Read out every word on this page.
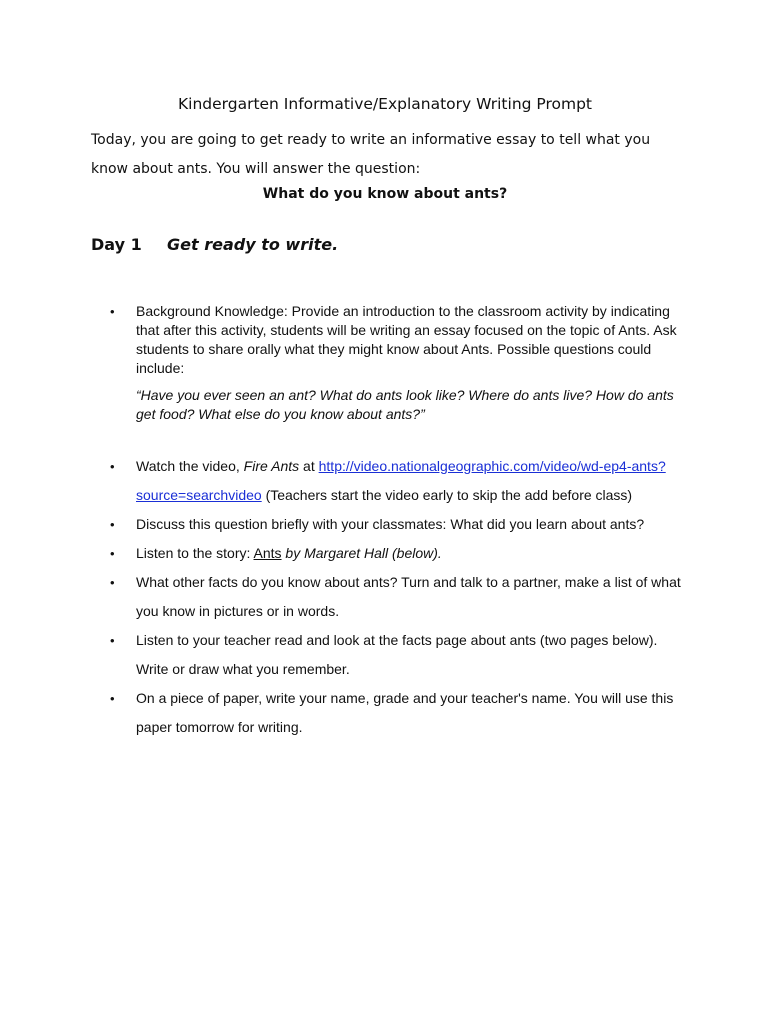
Kindergarten Informative/Explanatory Writing Prompt
Today, you are going to get ready to write an informative essay to tell what you know about ants. You will answer the question:
What do you know about ants?
Day 1 Get ready to write.
• Background Knowledge: Provide an introduction to the classroom activity by indicating that after this activity, students will be writing an essay focused on the topic of Ants. Ask students to share orally what they might know about Ants. Possible questions could include:
“Have you ever seen an ant? What do ants look like? Where do ants live? How do ants get food? What else do you know about ants?”
• Watch the video, Fire Ants at http://video.nationalgeographic.com/video/wd-ep4-ants?source=searchvideo (Teachers start the video early to skip the add before class)
• Discuss this question briefly with your classmates: What did you learn about ants?
• Listen to the story: Ants by Margaret Hall (below).
• What other facts do you know about ants? Turn and talk to a partner, make a list of what you know in pictures or in words.
• Listen to your teacher read and look at the facts page about ants (two pages below). Write or draw what you remember.
• On a piece of paper, write your name, grade and your teacher's name. You will use this paper tomorrow for writing.
